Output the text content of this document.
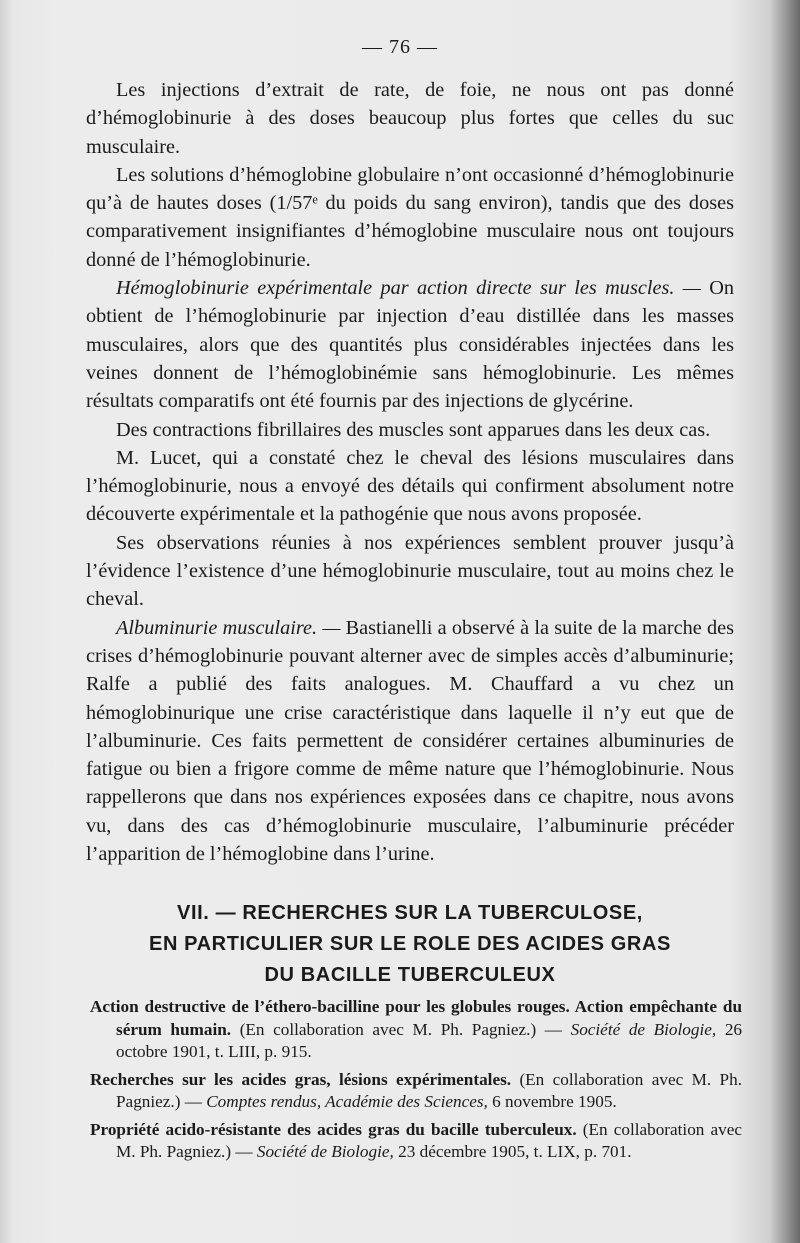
— 76 —

Les injections d’extrait de rate, de foie, ne nous ont pas donné d’hémoglobinurie à des doses beaucoup plus fortes que celles du suc musculaire.

Les solutions d’hémoglobine globulaire n’ont occasionné d’hémoglobinurie qu’à de hautes doses (1/57ᵉ du poids du sang environ), tandis que des doses comparativement insignifiantes d’hémoglobine musculaire nous ont toujours donné de l’hémoglobinurie.

Hémoglobinurie expérimentale par action directe sur les muscles. — On obtient de l’hémoglobinurie par injection d’eau distillée dans les masses musculaires, alors que des quantités plus considérables injectées dans les veines donnent de l’hémoglobinémie sans hémoglobinurie. Les mêmes résultats comparatifs ont été fournis par des injections de glycérine.

Des contractions fibrillaires des muscles sont apparues dans les deux cas.

M. Lucet, qui a constaté chez le cheval des lésions musculaires dans l’hémoglobinurie, nous a envoyé des détails qui confirment absolument notre découverte expérimentale et la pathogénie que nous avons proposée.

Ses observations réunies à nos expériences semblent prouver jusqu’à l’évidence l’existence d’une hémoglobinurie musculaire, tout au moins chez le cheval.

Albuminurie musculaire. — Bastianelli a observé à la suite de la marche des crises d’hémoglobinurie pouvant alterner avec de simples accès d’albuminurie; Ralfe a publié des faits analogues. M. Chauffard a vu chez un hémoglobinurique une crise caractéristique dans laquelle il n’y eut que de l’albuminurie. Ces faits permettent de considérer certaines albuminuries de fatigue ou bien a frigore comme de même nature que l’hémoglobinurie. Nous rappellerons que dans nos expériences exposées dans ce chapitre, nous avons vu, dans des cas d’hémoglobinurie musculaire, l’albuminurie précéder l’apparition de l’hémoglobine dans l’urine.

VII. — RECHERCHES SUR LA TUBERCULOSE,
EN PARTICULIER SUR LE ROLE DES ACIDES GRAS
DU BACILLE TUBERCULEUX
Action destructive de l’éthero-bacilline pour les globules rouges. Action empêchante du sérum humain. (En collaboration avec M. Ph. Pagniez.) — Société de Biologie, 26 octobre 1901, t. LIII, p. 915.
Recherches sur les acides gras, lésions expérimentales. (En collaboration avec M. Ph. Pagniez.) — Comptes rendus, Académie des Sciences, 6 novembre 1905.
Propriété acido-résistante des acides gras du bacille tuberculeux. (En collaboration avec M. Ph. Pagniez.) — Société de Biologie, 23 décembre 1905, t. LIX, p. 701.
